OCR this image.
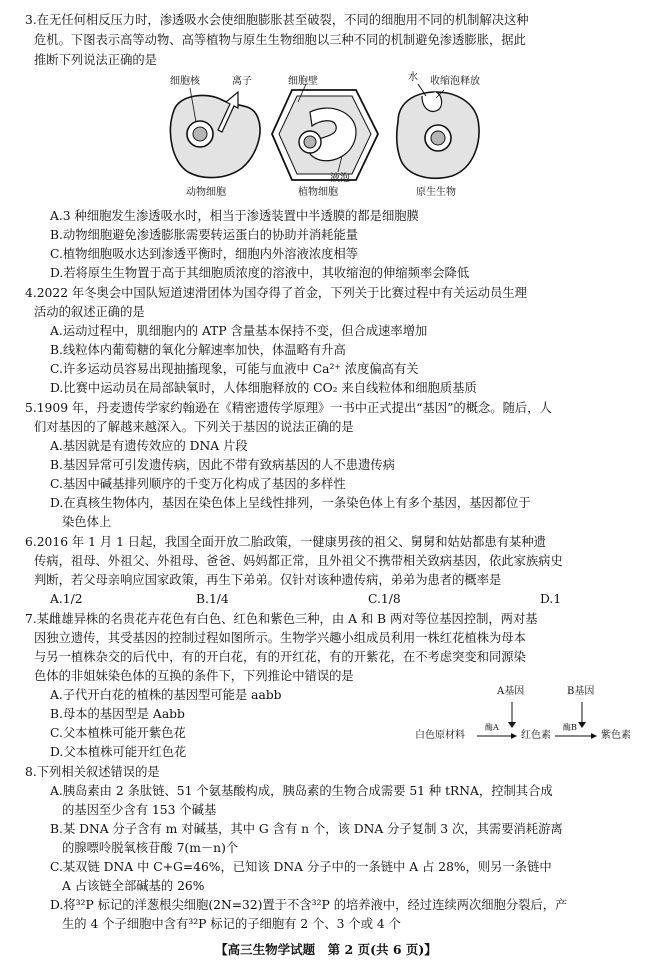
3.在无任何相反压力时，渗透吸水会使细胞膨胀甚至破裂，不同的细胞用不同的机制解决这种
危机。下图表示高等动物、高等植物与原生生物细胞以三种不同的机制避免渗透膨胀，据此
推断下列说法正确的是
细胞核	离子
动物细胞
细胞壁
液泡
植物细胞
水 收缩泡释放
原生生物
A.3 种细胞发生渗透吸水时，相当于渗透装置中半透膜的都是细胞膜
B.动物细胞避免渗透膨胀需要转运蛋白的协助并消耗能量
C.植物细胞吸水达到渗透平衡时，细胞内外溶液浓度相等
D.若将原生生物置于高于其细胞质浓度的溶液中，其收缩泡的伸缩频率会降低
4.2022 年冬奥会中国队短道速滑团体为国夺得了首金，下列关于比赛过程中有关运动员生理
活动的叙述正确的是
A.运动过程中，肌细胞内的 ATP 含量基本保持不变，但合成速率增加
B.线粒体内葡萄糖的氧化分解速率加快，体温略有升高
C.许多运动员容易出现抽搐现象，可能与血液中 Ca²⁺ 浓度偏高有关
D.比赛中运动员在局部缺氧时，人体细胞释放的 CO₂ 来自线粒体和细胞质基质
5.1909 年，丹麦遗传学家约翰逊在《精密遗传学原理》一书中正式提出“基因”的概念。随后，人
们对基因的了解越来越深入。下列关于基因的说法正确的是
A.基因就是有遗传效应的 DNA 片段
B.基因异常可引发遗传病，因此不带有致病基因的人不患遗传病
C.基因中碱基排列顺序的千变万化构成了基因的多样性
D.在真核生物体内，基因在染色体上呈线性排列，一条染色体上有多个基因，基因都位于
染色体上
6.2016 年 1 月 1 日起，我国全面开放二胎政策，一健康男孩的祖父、舅舅和姑姑都患有某种遗
传病，祖母、外祖父、外祖母、爸爸、妈妈都正常，且外祖父不携带相关致病基因，依此家族病史
判断，若父母亲响应国家政策，再生下弟弟。仅针对该种遗传病，弟弟为患者的概率是
A.1/2	B.1/4	C.1/8	D.1
7.某雌雄异株的名贵花卉花色有白色、红色和紫色三种，由 A 和 B 两对等位基因控制，两对基
因独立遗传，其受基因的控制过程如图所示。生物学兴趣小组成员利用一株红花植株为母本
与另一植株杂交的后代中，有的开白花，有的开红花，有的开紫花，在不考虑突变和同源染
色体的非姐妹染色体的互换的条件下，下列推论中错误的是
A.子代开白花的植株的基因型可能是 aabb
B.母本的基因型是 Aabb
C.父本植株可能开紫色花
D.父本植株可能开红色花
A基因	B基因
白色原材料
酶A
红色素
酶B
紫色素
8.下列相关叙述错误的是
A.胰岛素由 2 条肽链、51 个氨基酸构成，胰岛素的生物合成需要 51 种 tRNA，控制其合成
的基因至少含有 153 个碱基
B.某 DNA 分子含有 m 对碱基，其中 G 含有 n 个，该 DNA 分子复制 3 次，其需要消耗游离
的腺嘌呤脱氧核苷酸 7(m－n)个
C.某双链 DNA 中 C+G=46%，已知该 DNA 分子中的一条链中 A 占 28%，则另一条链中
A 占该链全部碱基的 26%
D.将³²P 标记的洋葱根尖细胞(2N=32)置于不含³²P 的培养液中，经过连续两次细胞分裂后，产
生的 4 个子细胞中含有³²P 标记的子细胞有 2 个、3 个或 4 个
【高三生物学试题　第 2 页(共 6 页)】
